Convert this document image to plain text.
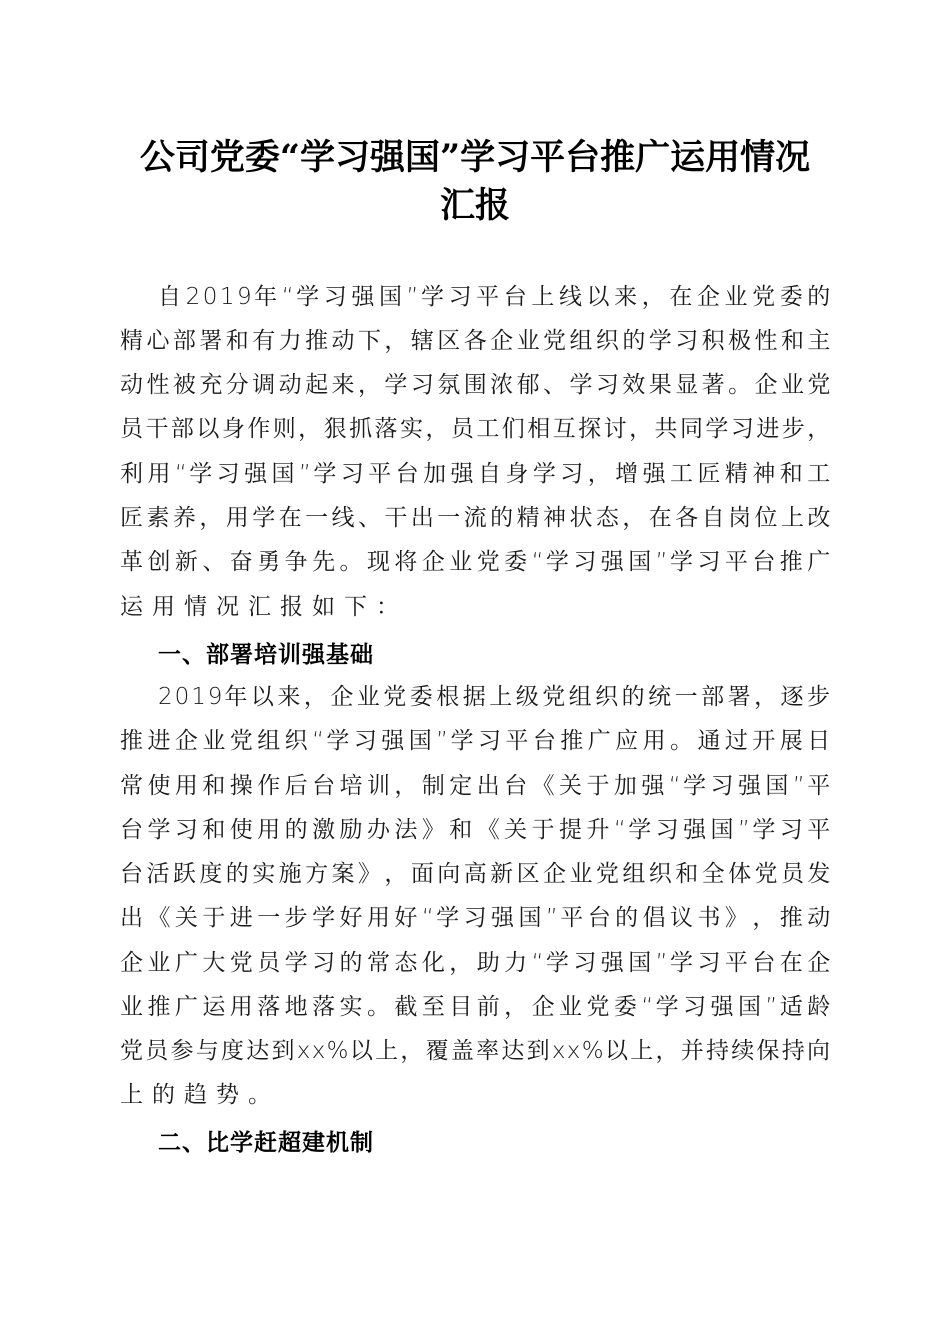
公司党委“学习强国”学习平台推广运用情况
汇报
自 2 0 1 9 年 “ 学 习 强 国 ” 学 习 平 台 上 线 以 来 ， 在 企 业 党 委 的
精 心 部 署 和 有 力 推 动 下 ， 辖 区 各 企 业 党 组 织 的 学 习 积 极 性 和 主
动 性 被 充 分 调 动 起 来 ， 学 习 氛 围 浓 郁 、 学 习 效 果 显 著 。 企 业 党
员 干 部 以 身 作 则 ， 狠 抓 落 实 ， 员 工 们 相 互 探 讨 ， 共 同 学 习 进 步 ，
利 用 “ 学 习 强 国 ” 学 习 平 台 加 强 自 身 学 习 ， 增 强 工 匠 精 神 和 工
匠 素 养 ， 用 学 在 一 线 、 干 出 一 流 的 精 神 状 态 ， 在 各 自 岗 位 上 改
革 创 新 、 奋 勇 争 先 。 现 将 企 业 党 委 “ 学 习 强 国 ” 学 习 平 台 推 广
运用情况汇报如下：
一、部署培训强基础
2 0 1 9 年 以 来 ， 企 业 党 委 根 据 上 级 党 组 织 的 统 一 部 署 ， 逐 步
推 进 企 业 党 组 织 “ 学 习 强 国 ” 学 习 平 台 推 广 应 用 。 通 过 开 展 日
常 使 用 和 操 作 后 台 培 训 ， 制 定 出 台 《 关 于 加 强 “ 学 习 强 国 ” 平
台 学 习 和 使 用 的 激 励 办 法 》 和 《 关 于 提 升 “ 学 习 强 国 ” 学 习 平
台 活 跃 度 的 实 施 方 案 》 ， 面 向 高 新 区 企 业 党 组 织 和 全 体 党 员 发
出 《 关 于 进 一 步 学 好 用 好 “ 学 习 强 国 ” 平 台 的 倡 议 书 》 ， 推 动
企 业 广 大 党 员 学 习 的 常 态 化 ， 助 力 “ 学 习 强 国 ” 学 习 平 台 在 企
业 推 广 运 用 落 地 落 实 。 截 至 目 前 ， 企 业 党 委 “ 学 习 强 国 ” 适 龄
党 员 参 与 度 达 到 x x % 以 上 ， 覆 盖 率 达 到 x x % 以 上 ， 并 持 续 保 持 向
上的趋势。
二、比学赶超建机制
